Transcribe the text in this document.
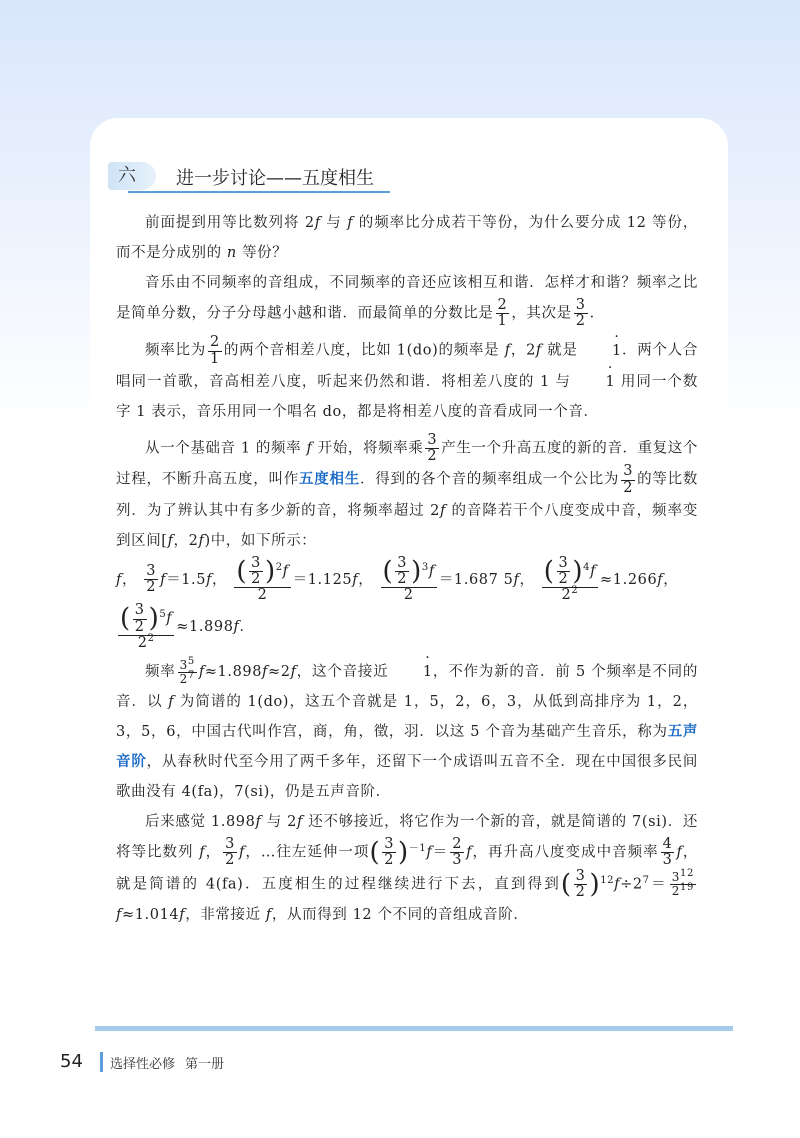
六	进一步讨论——五度相生

前面提到用等比数列将 2f 与 f 的频率比分成若干等份，为什么要分成 12 等份，而不是分成别的 n 等份？

音乐由不同频率的音组成，不同频率的音还应该相互和谐．怎样才和谐？频率之比是简单分数，分子分母越小越和谐．而最简单的分数比是 $\frac{2}{1}$ ，其次是 $\frac{3}{2}$ ．

频率比为 $\frac{2}{1}$ 的两个音相差八度，比如 1(do)的频率是 f，2f 就是 · 1．两个人合唱同一首歌，音高相差八度，听起来仍然和谐．将相差八度的 1 与 · 1 用同一个数字 1 表示，音乐用同一个唱名 do，都是将相差八度的音看成同一个音．

从一个基础音 1 的频率 f 开始，将频率乘 $\frac{3}{2}$ 产生一个升高五度的新的音．重复这个过程，不断升高五度，叫作五度相生．得到的各个音的频率组成一个公比为 $\frac{3}{2}$ 的等比数列．为了辨认其中有多少新的音，将频率超过 2f 的音降若干个八度变成中音，频率变到区间[f，2f)中，如下所示：

f， $\frac{3}{2} f=1.5f$， $\frac{( \frac{3}{2} )^2f}{2} =1.125f$， $\frac{( \frac{3}{2} )^3f}{2} =1.687$ 5f， $\frac{( \frac{3}{2} )^4f}{2^2} \approx 1.266f$，

$\frac{( \frac{3}{2} )^5f}{2^2} \approx 1.898f$．

频率 $\frac{3^5}{2^7} f\approx 1.898f\approx 2f$，这个音接近 · 1，不作为新的音．前 5 个频率是不同的音．以 f 为简谱的 1(do)，这五个音就是 1，5，2，6，3，从低到高排序为 1，2，3，5，6，中国古代叫作宫，商，角，徵，羽．以这 5 个音为基础产生音乐，称为五声音阶，从春秋时代至今用了两千多年，还留下一个成语叫五音不全．现在中国很多民间歌曲没有 4(fa)，7(si)，仍是五声音阶．

后来感觉 1.898f 与 2f 还不够接近，将它作为一个新的音，就是简谱的 7(si)．还将等比数列 f， $\frac{3}{2}$ f，…往左延伸一项( $\frac{3}{2} )^{-1}f= \frac{2}{3}$ f，再升高八度变成中音频率 $\frac{4}{3}$ f，就是简谱的 4(fa)．五度相生的过程继续进行下去，直到得到( $\frac{3}{2} )^{12}f\div 2^7= \frac{3^{12}}{2^{19}}$
f≈1.014f，非常接近 f，从而得到 12 个不同的音组成音阶．

54 选择性必修 第一册
